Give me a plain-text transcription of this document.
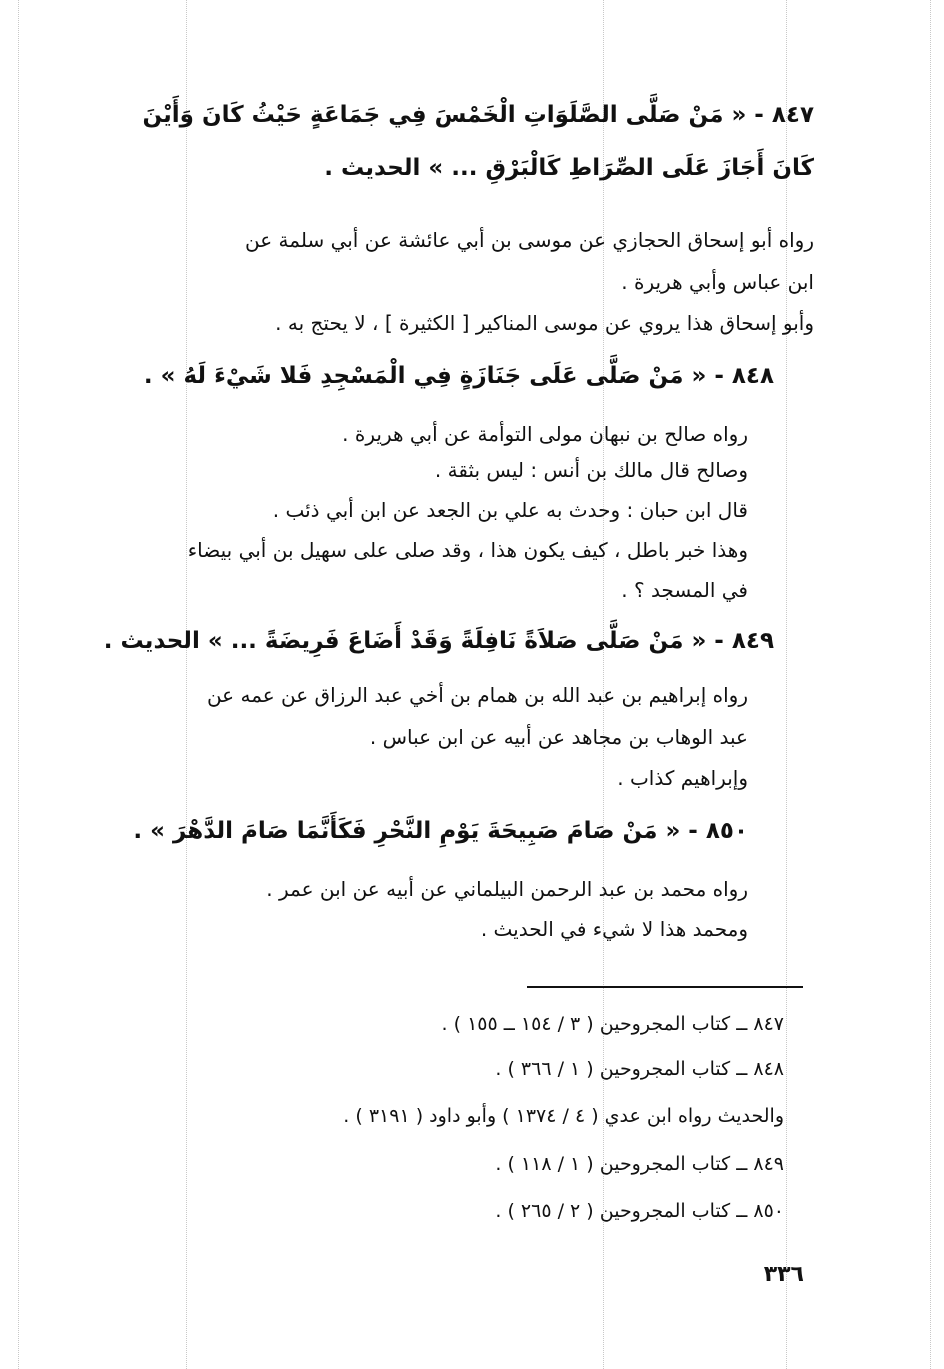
٨٤٧ - « مَنْ صَلَّى الصَّلَوَاتِ الْخَمْسَ فِي جَمَاعَةٍ حَيْثُ كَانَ وَأَيْنَ
كَانَ أَجَازَ عَلَى الصِّرَاطِ كَالْبَرْقِ ... » الحديث .
رواه أبو إسحاق الحجازي عن موسى بن أبي عائشة عن أبي سلمة عن
ابن عباس وأبي هريرة .
وأبو إسحاق هذا يروي عن موسى المناكير [ الكثيرة ] ، لا يحتج به .
٨٤٨ - « مَنْ صَلَّى عَلَى جَنَازَةٍ فِي الْمَسْجِدِ فَلا شَيْءَ لَهُ » .
رواه صالح بن نبهان مولى التوأمة عن أبي هريرة .
وصالح قال مالك بن أنس : ليس بثقة .
قال ابن حبان : وحدث به علي بن الجعد عن ابن أبي ذئب .
وهذا خبر باطل ، كيف يكون هذا ، وقد صلى على سهيل بن أبي بيضاء
في المسجد ؟ .
٨٤٩ - « مَنْ صَلَّى صَلاَةً نَافِلَةً وَقَدْ أَضَاعَ فَرِيضَةً ... » الحديث .
رواه إبراهيم بن عبد الله بن همام بن أخي عبد الرزاق عن عمه عن
عبد الوهاب بن مجاهد عن أبيه عن ابن عباس .
وإبراهيم كذاب .
٨٥٠ - « مَنْ صَامَ صَبِيحَةَ يَوْمِ النَّحْرِ فَكَأَنَّمَا صَامَ الدَّهْرَ » .
رواه محمد بن عبد الرحمن البيلماني عن أبيه عن ابن عمر .
ومحمد هذا لا شيء في الحديث .
٨٤٧ ــ كتاب المجروحين ( ٣ / ١٥٤ ــ ١٥٥ ) .
٨٤٨ ــ كتاب المجروحين ( ١ / ٣٦٦ ) .
والحديث رواه ابن عدي ( ٤ / ١٣٧٤ ) وأبو داود ( ٣١٩١ ) .
٨٤٩ ــ كتاب المجروحين ( ١ / ١١٨ ) .
٨٥٠ ــ كتاب المجروحين ( ٢ / ٢٦٥ ) .
٣٣٦
